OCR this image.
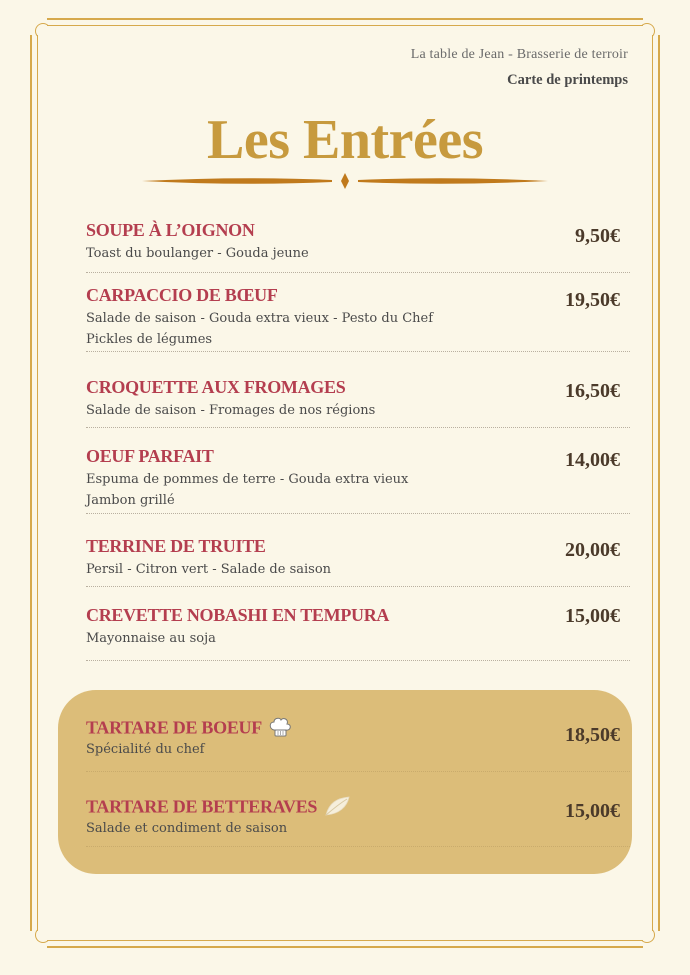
La table de Jean - Brasserie de terroir
Carte de printemps
Les Entrées
SOUPE À L’OIGNON
Toast du boulanger - Gouda jeune
9,50€
CARPACCIO DE BŒUF
Salade de saison - Gouda extra vieux - Pesto du Chef
Pickles de légumes
19,50€
CROQUETTE AUX FROMAGES
Salade de saison - Fromages de nos régions
16,50€
OEUF PARFAIT
Espuma de pommes de terre - Gouda extra vieux
Jambon grillé
14,00€
TERRINE DE TRUITE
Persil - Citron vert - Salade de saison
20,00€
CREVETTE NOBASHI EN TEMPURA
Mayonnaise au soja
15,00€
TARTARE DE BOEUF
Spécialité du chef
18,50€
TARTARE DE BETTERAVES
Salade et condiment de saison
15,00€
